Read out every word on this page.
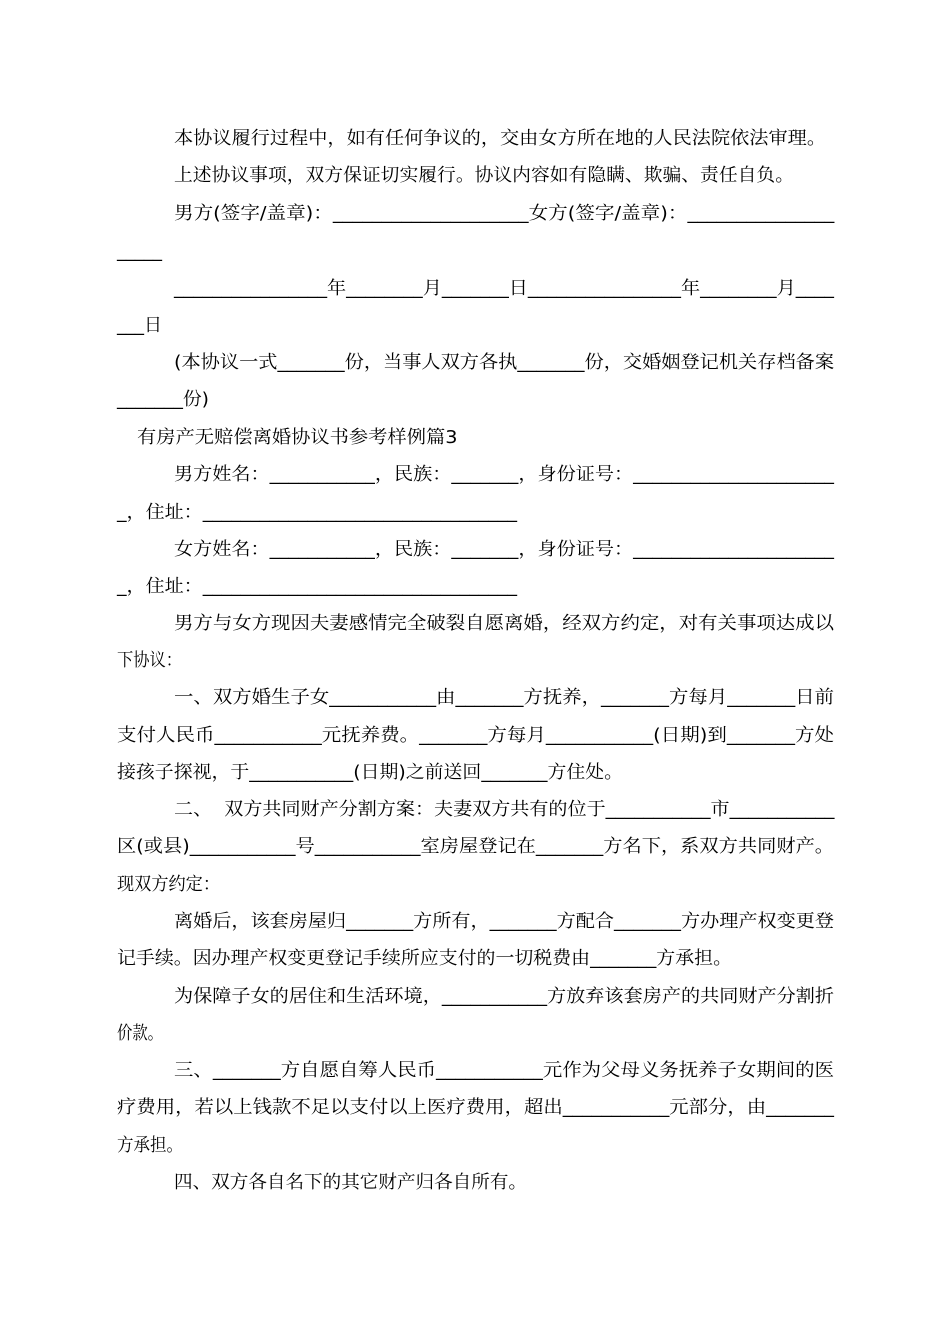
本协议履行过程中，如有任何争议的，交由女方所在地的人民法院依法审理。
上述协议事项，双方保证切实履行。协议内容如有隐瞒、欺骗、责任自负。
男方(签字/盖章)：____________________女方(签字/盖章)：_______________
_____
________________年________月_______日________________年________月____
___日
(本协议一式_______份，当事人双方各执_______份，交婚姻登记机关存档备案
_______份)
有房产无赔偿离婚协议书参考样例篇3
男方姓名：___________，民族：_______，身份证号：_____________________
_，住址：_________________________________
女方姓名：___________，民族：_______，身份证号：_____________________
_，住址：_________________________________
男方与女方现因夫妻感情完全破裂自愿离婚，经双方约定，对有关事项达成以
下协议：
一、双方婚生子女___________由_______方抚养，_______方每月_______日前
支付人民币___________元抚养费。_______方每月___________(日期)到_______方处
接孩子探视，于___________(日期)之前送回_______方住处。
二、  双方共同财产分割方案：夫妻双方共有的位于___________市___________
区(或县)___________号___________室房屋登记在_______方名下，系双方共同财产。
现双方约定：
离婚后，该套房屋归_______方所有，_______方配合_______方办理产权变更登
记手续。因办理产权变更登记手续所应支付的一切税费由_______方承担。
为保障子女的居住和生活环境，___________方放弃该套房产的共同财产分割折
价款。
三、_______方自愿自筹人民币___________元作为父母义务抚养子女期间的医
疗费用，若以上钱款不足以支付以上医疗费用，超出___________元部分，由_______
方承担。
四、双方各自名下的其它财产归各自所有。
